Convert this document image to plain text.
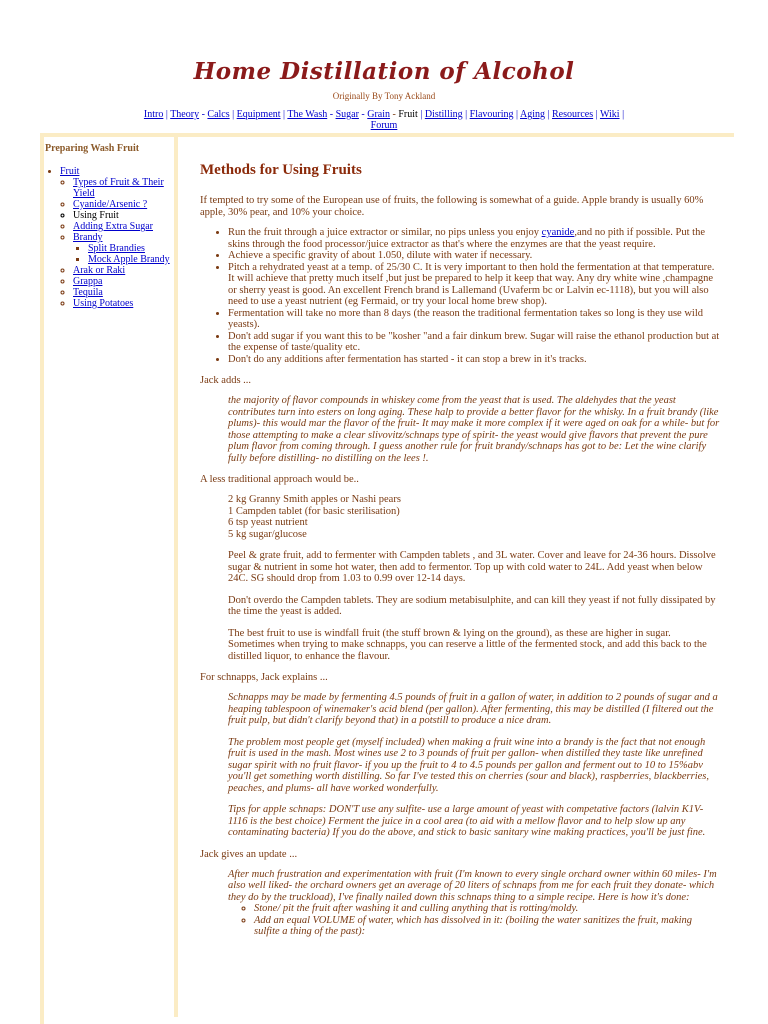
Home Distillation of Alcohol
Originally By Tony Ackland
Intro | Theory - Calcs | Equipment | The Wash - Sugar - Grain - Fruit | Distilling | Flavouring | Aging | Resources | Wiki |
Forum
Preparing Wash Fruit
• Fruit
◦ Types of Fruit & Their Yield
◦ Cyanide/Arsenic ?
◦ Using Fruit
◦ Adding Extra Sugar
◦ Brandy
▪ Split Brandies
▪ Mock Apple Brandy
◦ Arak or Raki
◦ Grappa
◦ Tequila
◦ Using Potatoes
Methods for Using Fruits

If tempted to try some of the European use of fruits, the following is somewhat of a guide. Apple brandy is usually 60% apple, 30% pear, and 10% your choice.

• Run the fruit through a juice extractor or similar, no pips unless you enjoy cyanide,and no pith if possible. Put the skins through the food processor/juice extractor as that's where the enzymes are that the yeast require.
• Achieve a specific gravity of about 1.050, dilute with water if necessary.
• Pitch a rehydrated yeast at a temp. of 25/30 C. It is very important to then hold the fermentation at that temperature. It will achieve that pretty much itself ,but just be prepared to help it keep that way. Any dry white wine ,champagne or sherry yeast is good. An excellent French brand is Lallemand (Uvaferm bc or Lalvin ec-1118), but you will also need to use a yeast nutrient (eg Fermaid, or try your local home brew shop).
• Fermentation will take no more than 8 days (the reason the traditional fermentation takes so long is they use wild yeasts).
• Don't add sugar if you want this to be "kosher "and a fair dinkum brew. Sugar will raise the ethanol production but at the expense of taste/quality etc.
• Don't do any additions after fermentation has started - it can stop a brew in it's tracks.

Jack adds ...

the majority of flavor compounds in whiskey come from the yeast that is used. The aldehydes that the yeast contributes turn into esters on long aging. These halp to provide a better flavor for the whisky. In a fruit brandy (like plums)- this would mar the flavor of the fruit- It may make it more complex if it were aged on oak for a while- but for those attempting to make a clear slivovitz/schnaps type of spirit- the yeast would give flavors that prevent the pure plum flavor from coming through. I guess another rule for fruit brandy/schnaps has got to be: Let the wine clarify fully before distilling- no distilling on the lees !.

A less traditional approach would be..

2 kg Granny Smith apples or Nashi pears
1 Campden tablet (for basic sterilisation)
6 tsp yeast nutrient
5 kg sugar/glucose
Peel & grate fruit, add to fermenter with Campden tablets , and 3L water. Cover and leave for 24-36 hours. Dissolve sugar & nutrient in some hot water, then add to fermentor. Top up with cold water to 24L. Add yeast when below 24C. SG should drop from 1.03 to 0.99 over 12-14 days.
Don't overdo the Campden tablets. They are sodium metabisulphite, and can kill they yeast if not fully dissipated by the time the yeast is added.
The best fruit to use is windfall fruit (the stuff brown & lying on the ground), as these are higher in sugar. Sometimes when trying to make schnapps, you can reserve a little of the fermented stock, and add this back to the distilled liquor, to enhance the flavour.

For schnapps, Jack explains ...

Schnapps may be made by fermenting 4.5 pounds of fruit in a gallon of water, in addition to 2 pounds of sugar and a heaping tablespoon of winemaker's acid blend (per gallon). After fermenting, this may be distilled (I filtered out the fruit pulp, but didn't clarify beyond that) in a potstill to produce a nice dram.
The problem most people get (myself included) when making a fruit wine into a brandy is the fact that not enough fruit is used in the mash. Most wines use 2 to 3 pounds of fruit per gallon- when distilled they taste like unrefined sugar spirit with no fruit flavor- if you up the fruit to 4 to 4.5 pounds per gallon and ferment out to 10 to 15%abv you'll get something worth distilling. So far I've tested this on cherries (sour and black), raspberries, blackberries, peaches, and plums- all have worked wonderfully.
Tips for apple schnaps: DON'T use any sulfite- use a large amount of yeast with competative factors (lalvin K1V-1116 is the best choice) Ferment the juice in a cool area (to aid with a mellow flavor and to help slow up any contaminating bacteria) If you do the above, and stick to basic sanitary wine making practices, you'll be just fine.

Jack gives an update ...

After much frustration and experimentation with fruit (I'm known to every single orchard owner within 60 miles- I'm also well liked- the orchard owners get an average of 20 liters of schnaps from me for each fruit they donate- which they do by the truckload), I've finally nailed down this schnaps thing to a simple recipe. Here is how it's done:
◦ Stone/ pit the fruit after washing it and culling anything that is rotting/moldy.
◦ Add an equal VOLUME of water, which has dissolved in it: (boiling the water sanitizes the fruit, making sulfite a thing of the past):
